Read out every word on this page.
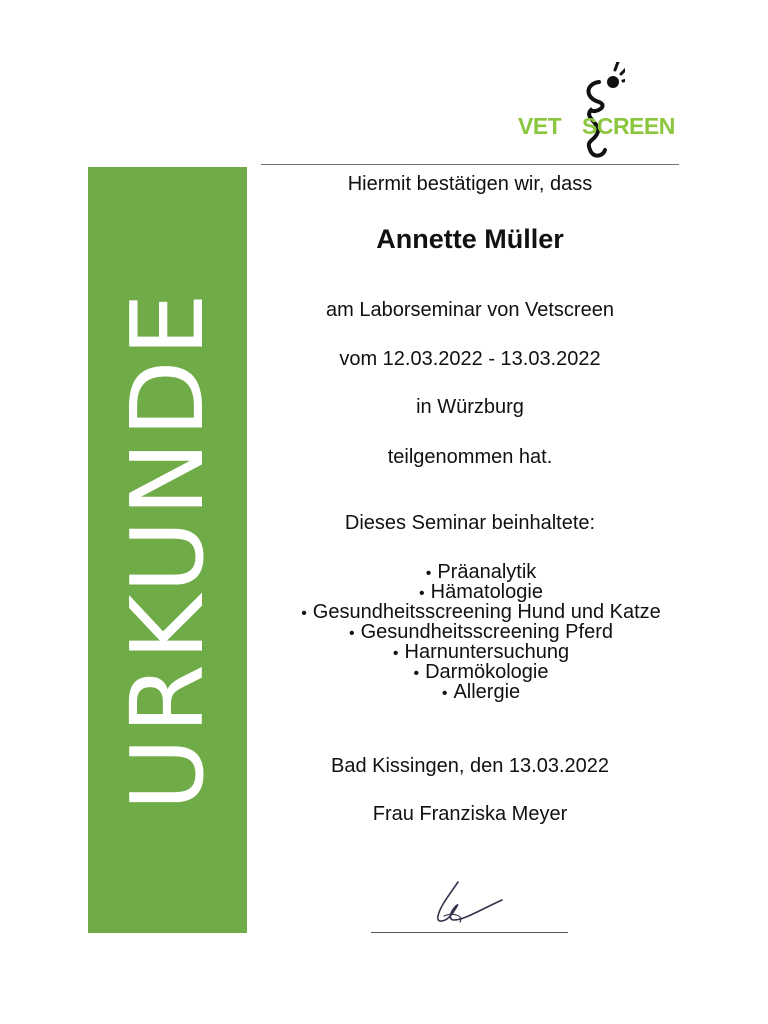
VET SCREEN
URKUNDE
Hiermit bestätigen wir, dass
Annette Müller
am Laborseminar von Vetscreen
vom 12.03.2022 - 13.03.2022
in Würzburg
teilgenommen hat.
Dieses Seminar beinhaltete:
• Präanalytik
• Hämatologie
• Gesundheitsscreening Hund und Katze
• Gesundheitsscreening Pferd
• Harnuntersuchung
• Darmökologie
• Allergie
Bad Kissingen, den 13.03.2022
Frau Franziska Meyer
